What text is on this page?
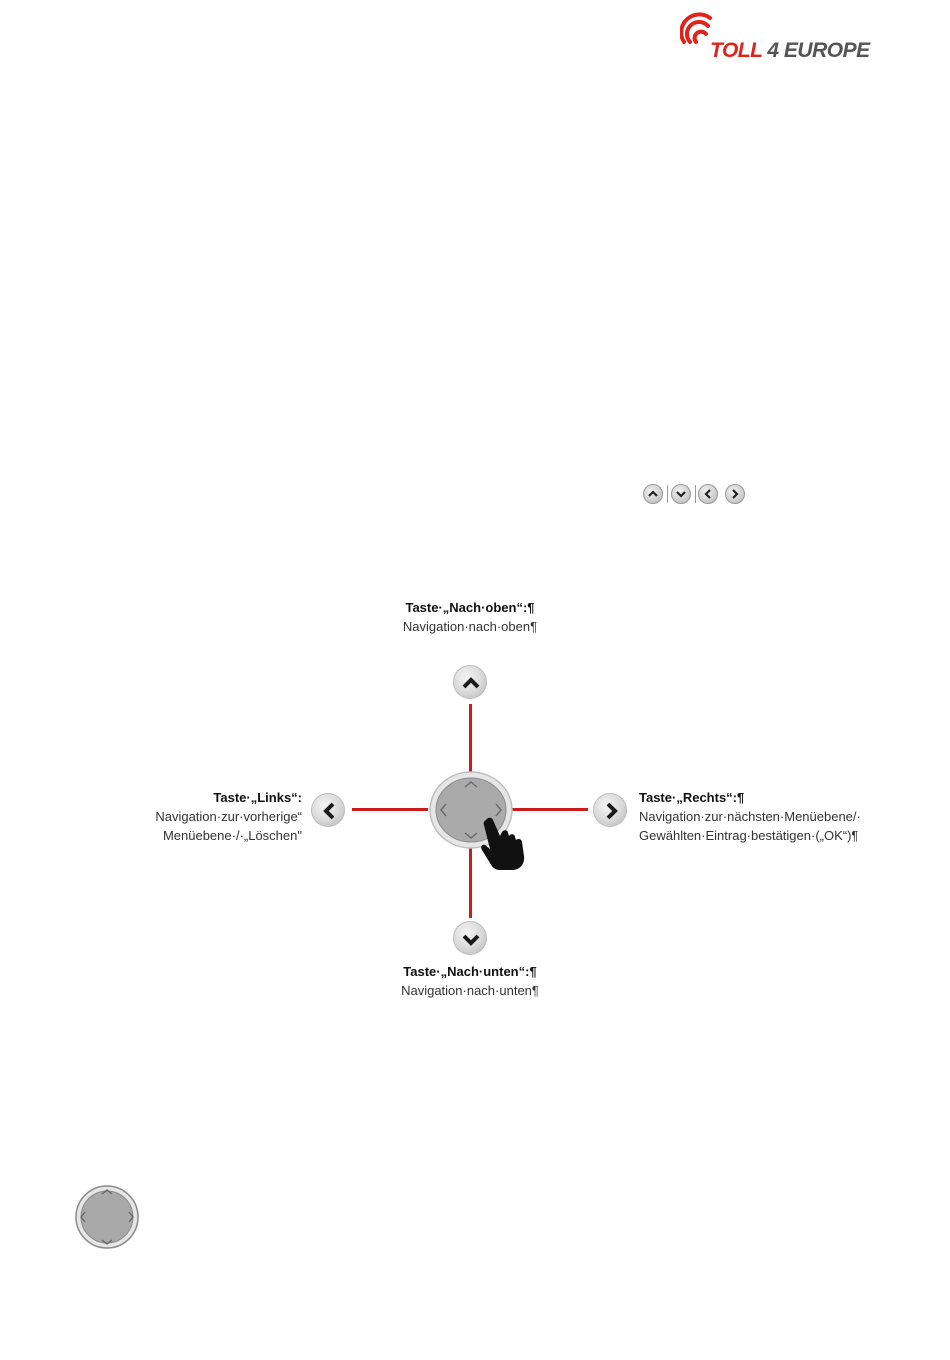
TOLL 4 EUROPE
Taste·„Nach·oben“:¶
Navigation·nach·oben¶
Taste·„Links“:
Navigation·zur·vorherige“
Menüebene·/·„Löschen"
Taste·„Rechts“:¶
Navigation·zur·nächsten·Menüebene/·
Gewählten·Eintrag·bestätigen·(„OK“)¶
Taste·„Nach·unten“:¶
Navigation·nach·unten¶
